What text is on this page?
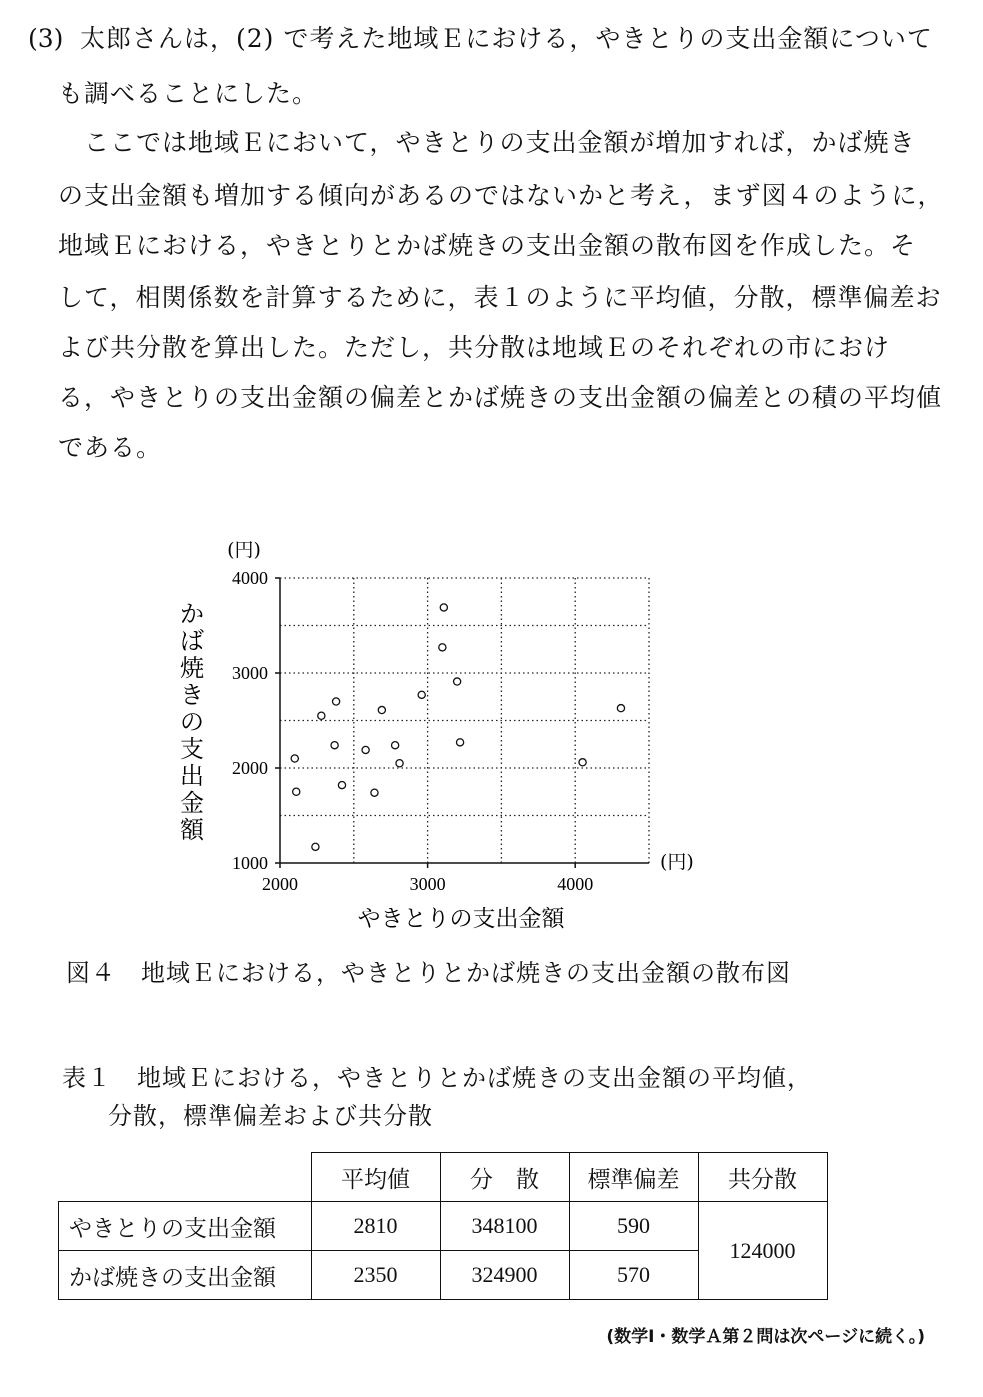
(3) 太郎さんは，(2) で考えた地域Ｅにおける，やきとりの支出金額について
も調べることにした。
ここでは地域Ｅにおいて，やきとりの支出金額が増加すれば，かば焼き
の支出金額も増加する傾向があるのではないかと考え，まず図４のように，
地域Ｅにおける，やきとりとかば焼きの支出金額の散布図を作成した。そ
して，相関係数を計算するために，表１のように平均値，分散，標準偏差お
よび共分散を算出した。ただし，共分散は地域Ｅのそれぞれの市におけ
る，やきとりの支出金額の偏差とかば焼きの支出金額の偏差との積の平均値
である。
2000	3000	4000
1000
2000
3000
4000
(円)
(円)
やきとりの支出金額
かば焼きの支出金額
図４　地域Ｅにおける，やきとりとかば焼きの支出金額の散布図
表１　地域Ｅにおける，やきとりとかば焼きの支出金額の平均値，
分散，標準偏差および共分散
	平均値	分　散	標準偏差	共分散
やきとりの支出金額	2810	348100	590	124000
かば焼きの支出金額	2350	324900	570	
(数学Ⅰ・数学Ａ第２問は次ページに続く。)
